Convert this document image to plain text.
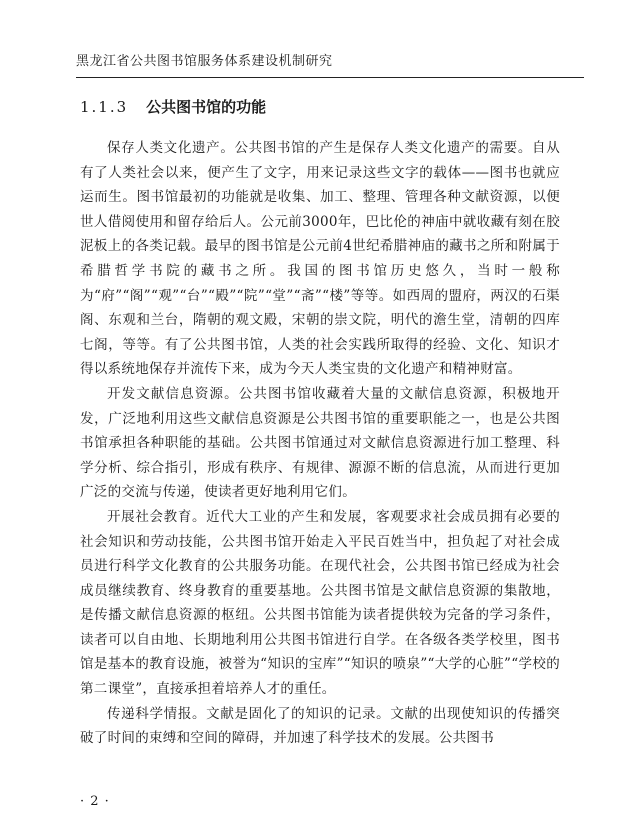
黑龙江省公共图书馆服务体系建设机制研究
1.1.3 公共图书馆的功能

保存人类文化遗产。公共图书馆的产生是保存人类文化遗产的需要。自从有了人类社会以来，便产生了文字，用来记录这些文字的载体——图书也就应运而生。图书馆最初的功能就是收集、加工、整理、管理各种文献资源，以便世人借阅使用和留存给后人。公元前3000年，巴比伦的神庙中就收藏有刻在胶泥板上的各类记载。最早的图书馆是公元前4世纪希腊神庙的藏书之所和附属于希腊哲学书院的藏书之所。我国的图书馆历史悠久，当时一般称为“府”“阁”“观”“台”“殿”“院”“堂”“斋”“楼”等等。如西周的盟府，两汉的石渠阁、东观和兰台，隋朝的观文殿，宋朝的崇文院，明代的澹生堂，清朝的四库七阁，等等。有了公共图书馆，人类的社会实践所取得的经验、文化、知识才得以系统地保存并流传下来，成为今天人类宝贵的文化遗产和精神财富。

开发文献信息资源。公共图书馆收藏着大量的文献信息资源，积极地开发，广泛地利用这些文献信息资源是公共图书馆的重要职能之一，也是公共图书馆承担各种职能的基础。公共图书馆通过对文献信息资源进行加工整理、科学分析、综合指引，形成有秩序、有规律、源源不断的信息流，从而进行更加广泛的交流与传递，使读者更好地利用它们。

开展社会教育。近代大工业的产生和发展，客观要求社会成员拥有必要的社会知识和劳动技能，公共图书馆开始走入平民百姓当中，担负起了对社会成员进行科学文化教育的公共服务功能。在现代社会，公共图书馆已经成为社会成员继续教育、终身教育的重要基地。公共图书馆是文献信息资源的集散地，是传播文献信息资源的枢纽。公共图书馆能为读者提供较为完备的学习条件，读者可以自由地、长期地利用公共图书馆进行自学。在各级各类学校里，图书馆是基本的教育设施，被誉为“知识的宝库”“知识的喷泉”“大学的心脏”“学校的第二课堂”，直接承担着培养人才的重任。

传递科学情报。文献是固化了的知识的记录。文献的出现使知识的传播突破了时间的束缚和空间的障碍，并加速了科学技术的发展。公共图书

· 2 ·
